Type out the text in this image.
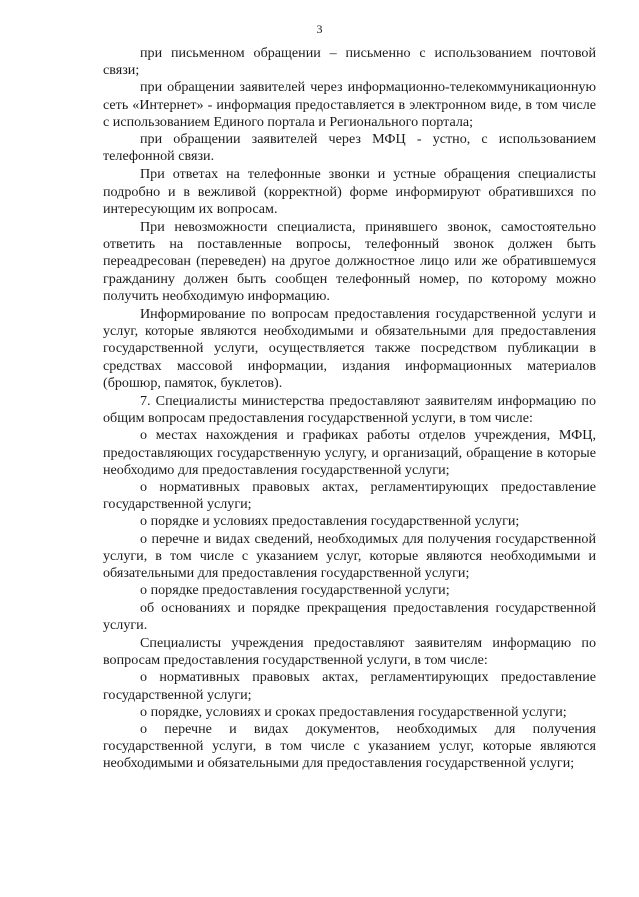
3

при письменном обращении – письменно с использованием почтовой связи;

при обращении заявителей через информационно-телекоммуникационную сеть «Интернет» - информация предоставляется в электронном виде, в том числе с использованием Единого портала и Регионального портала;

при обращении заявителей через МФЦ - устно, с использованием телефонной связи.

При ответах на телефонные звонки и устные обращения специалисты подробно и в вежливой (корректной) форме информируют обратившихся по интересующим их вопросам.

При невозможности специалиста, принявшего звонок, самостоятельно ответить на поставленные вопросы, телефонный звонок должен быть переадресован (переведен) на другое должностное лицо или же обратившемуся гражданину должен быть сообщен телефонный номер, по которому можно получить необходимую информацию.

Информирование по вопросам предоставления государственной услуги и услуг, которые являются необходимыми и обязательными для предоставления государственной услуги, осуществляется также посредством публикации в средствах массовой информации, издания информационных материалов (брошюр, памяток, буклетов).

7. Специалисты министерства предоставляют заявителям информацию по общим вопросам предоставления государственной услуги, в том числе:

о местах нахождения и графиках работы отделов учреждения, МФЦ, предоставляющих государственную услугу, и организаций, обращение в которые необходимо для предоставления государственной услуги;

о нормативных правовых актах, регламентирующих предоставление государственной услуги;

о порядке и условиях предоставления государственной услуги;

о перечне и видах сведений, необходимых для получения государственной услуги, в том числе с указанием услуг, которые являются необходимыми и обязательными для предоставления государственной услуги;

о порядке предоставления государственной услуги;

об основаниях и порядке прекращения предоставления государственной услуги.

Специалисты учреждения предоставляют заявителям информацию по вопросам предоставления государственной услуги, в том числе:

о нормативных правовых актах, регламентирующих предоставление государственной услуги;

о порядке, условиях и сроках предоставления государственной услуги;

о перечне и видах документов, необходимых для получения государственной услуги, в том числе с указанием услуг, которые являются необходимыми и обязательными для предоставления государственной услуги;
